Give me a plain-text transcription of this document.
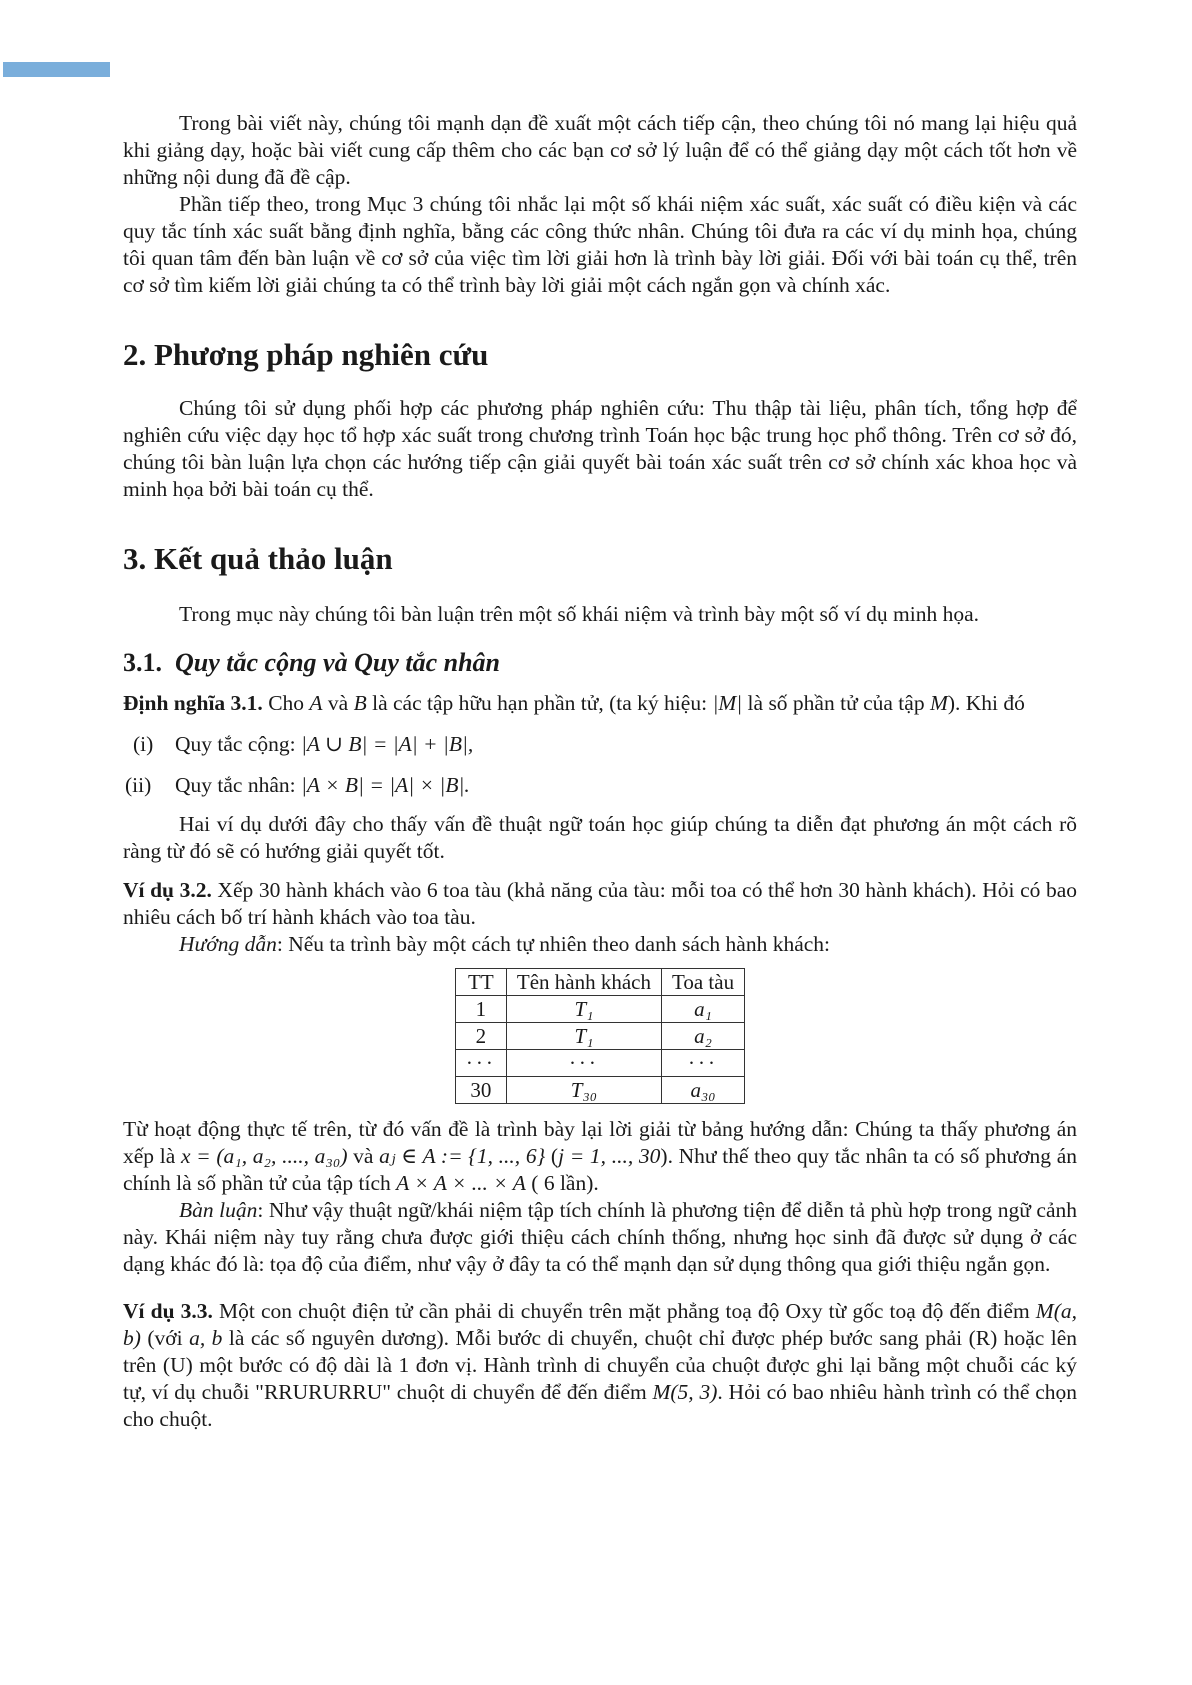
Trong bài viết này, chúng tôi mạnh dạn đề xuất một cách tiếp cận, theo chúng tôi nó mang lại hiệu quả khi giảng dạy, hoặc bài viết cung cấp thêm cho các bạn cơ sở lý luận để có thể giảng dạy một cách tốt hơn về những nội dung đã đề cập.

Phần tiếp theo, trong Mục 3 chúng tôi nhắc lại một số khái niệm xác suất, xác suất có điều kiện và các quy tắc tính xác suất bằng định nghĩa, bằng các công thức nhân. Chúng tôi đưa ra các ví dụ minh họa, chúng tôi quan tâm đến bàn luận về cơ sở của việc tìm lời giải hơn là trình bày lời giải. Đối với bài toán cụ thể, trên cơ sở tìm kiếm lời giải chúng ta có thể trình bày lời giải một cách ngắn gọn và chính xác.

2. Phương pháp nghiên cứu

Chúng tôi sử dụng phối hợp các phương pháp nghiên cứu: Thu thập tài liệu, phân tích, tổng hợp để nghiên cứu việc dạy học tổ hợp xác suất trong chương trình Toán học bậc trung học phổ thông. Trên cơ sở đó, chúng tôi bàn luận lựa chọn các hướng tiếp cận giải quyết bài toán xác suất trên cơ sở chính xác khoa học và minh họa bởi bài toán cụ thể.

3. Kết quả thảo luận

Trong mục này chúng tôi bàn luận trên một số khái niệm và trình bày một số ví dụ minh họa.

3.1. Quy tắc cộng và Quy tắc nhân

Định nghĩa 3.1. Cho A và B là các tập hữu hạn phần tử, (ta ký hiệu: |M| là số phần tử của tập M). Khi đó

(i)	Quy tắc cộng: |A ∪ B| = |A| + |B|,
(ii)	Quy tắc nhân: |A × B| = |A| × |B|.

Hai ví dụ dưới đây cho thấy vấn đề thuật ngữ toán học giúp chúng ta diễn đạt phương án một cách rõ ràng từ đó sẽ có hướng giải quyết tốt.

Ví dụ 3.2. Xếp 30 hành khách vào 6 toa tàu (khả năng của tàu: mỗi toa có thể hơn 30 hành khách). Hỏi có bao nhiêu cách bố trí hành khách vào toa tàu.

Hướng dẫn: Nếu ta trình bày một cách tự nhiên theo danh sách hành khách:

TT	Tên hành khách	Toa tàu
1	T₁	a₁
2	T₁	a₂
···	···	···
30	T₃₀	a₃₀

Từ hoạt động thực tế trên, từ đó vấn đề là trình bày lại lời giải từ bảng hướng dẫn: Chúng ta thấy phương án xếp là x = (a₁, a₂, ...., a₃₀) và aⱼ ∈ A := {1, ..., 6} (j = 1, ..., 30). Như thế theo quy tắc nhân ta có số phương án chính là số phần tử của tập tích A × A × ... × A ( 6 lần).

Bàn luận: Như vậy thuật ngữ/khái niệm tập tích chính là phương tiện để diễn tả phù hợp trong ngữ cảnh này. Khái niệm này tuy rằng chưa được giới thiệu cách chính thống, nhưng học sinh đã được sử dụng ở các dạng khác đó là: tọa độ của điểm, như vậy ở đây ta có thể mạnh dạn sử dụng thông qua giới thiệu ngắn gọn.

Ví dụ 3.3. Một con chuột điện tử cần phải di chuyển trên mặt phẳng toạ độ Oxy từ gốc toạ độ đến điểm M(a, b) (với a, b là các số nguyên dương). Mỗi bước di chuyển, chuột chỉ được phép bước sang phải (R) hoặc lên trên (U) một bước có độ dài là 1 đơn vị. Hành trình di chuyển của chuột được ghi lại bằng một chuỗi các ký tự, ví dụ chuỗi "RRURURRU" chuột di chuyển để đến điểm M(5, 3). Hỏi có bao nhiêu hành trình có thể chọn cho chuột.
